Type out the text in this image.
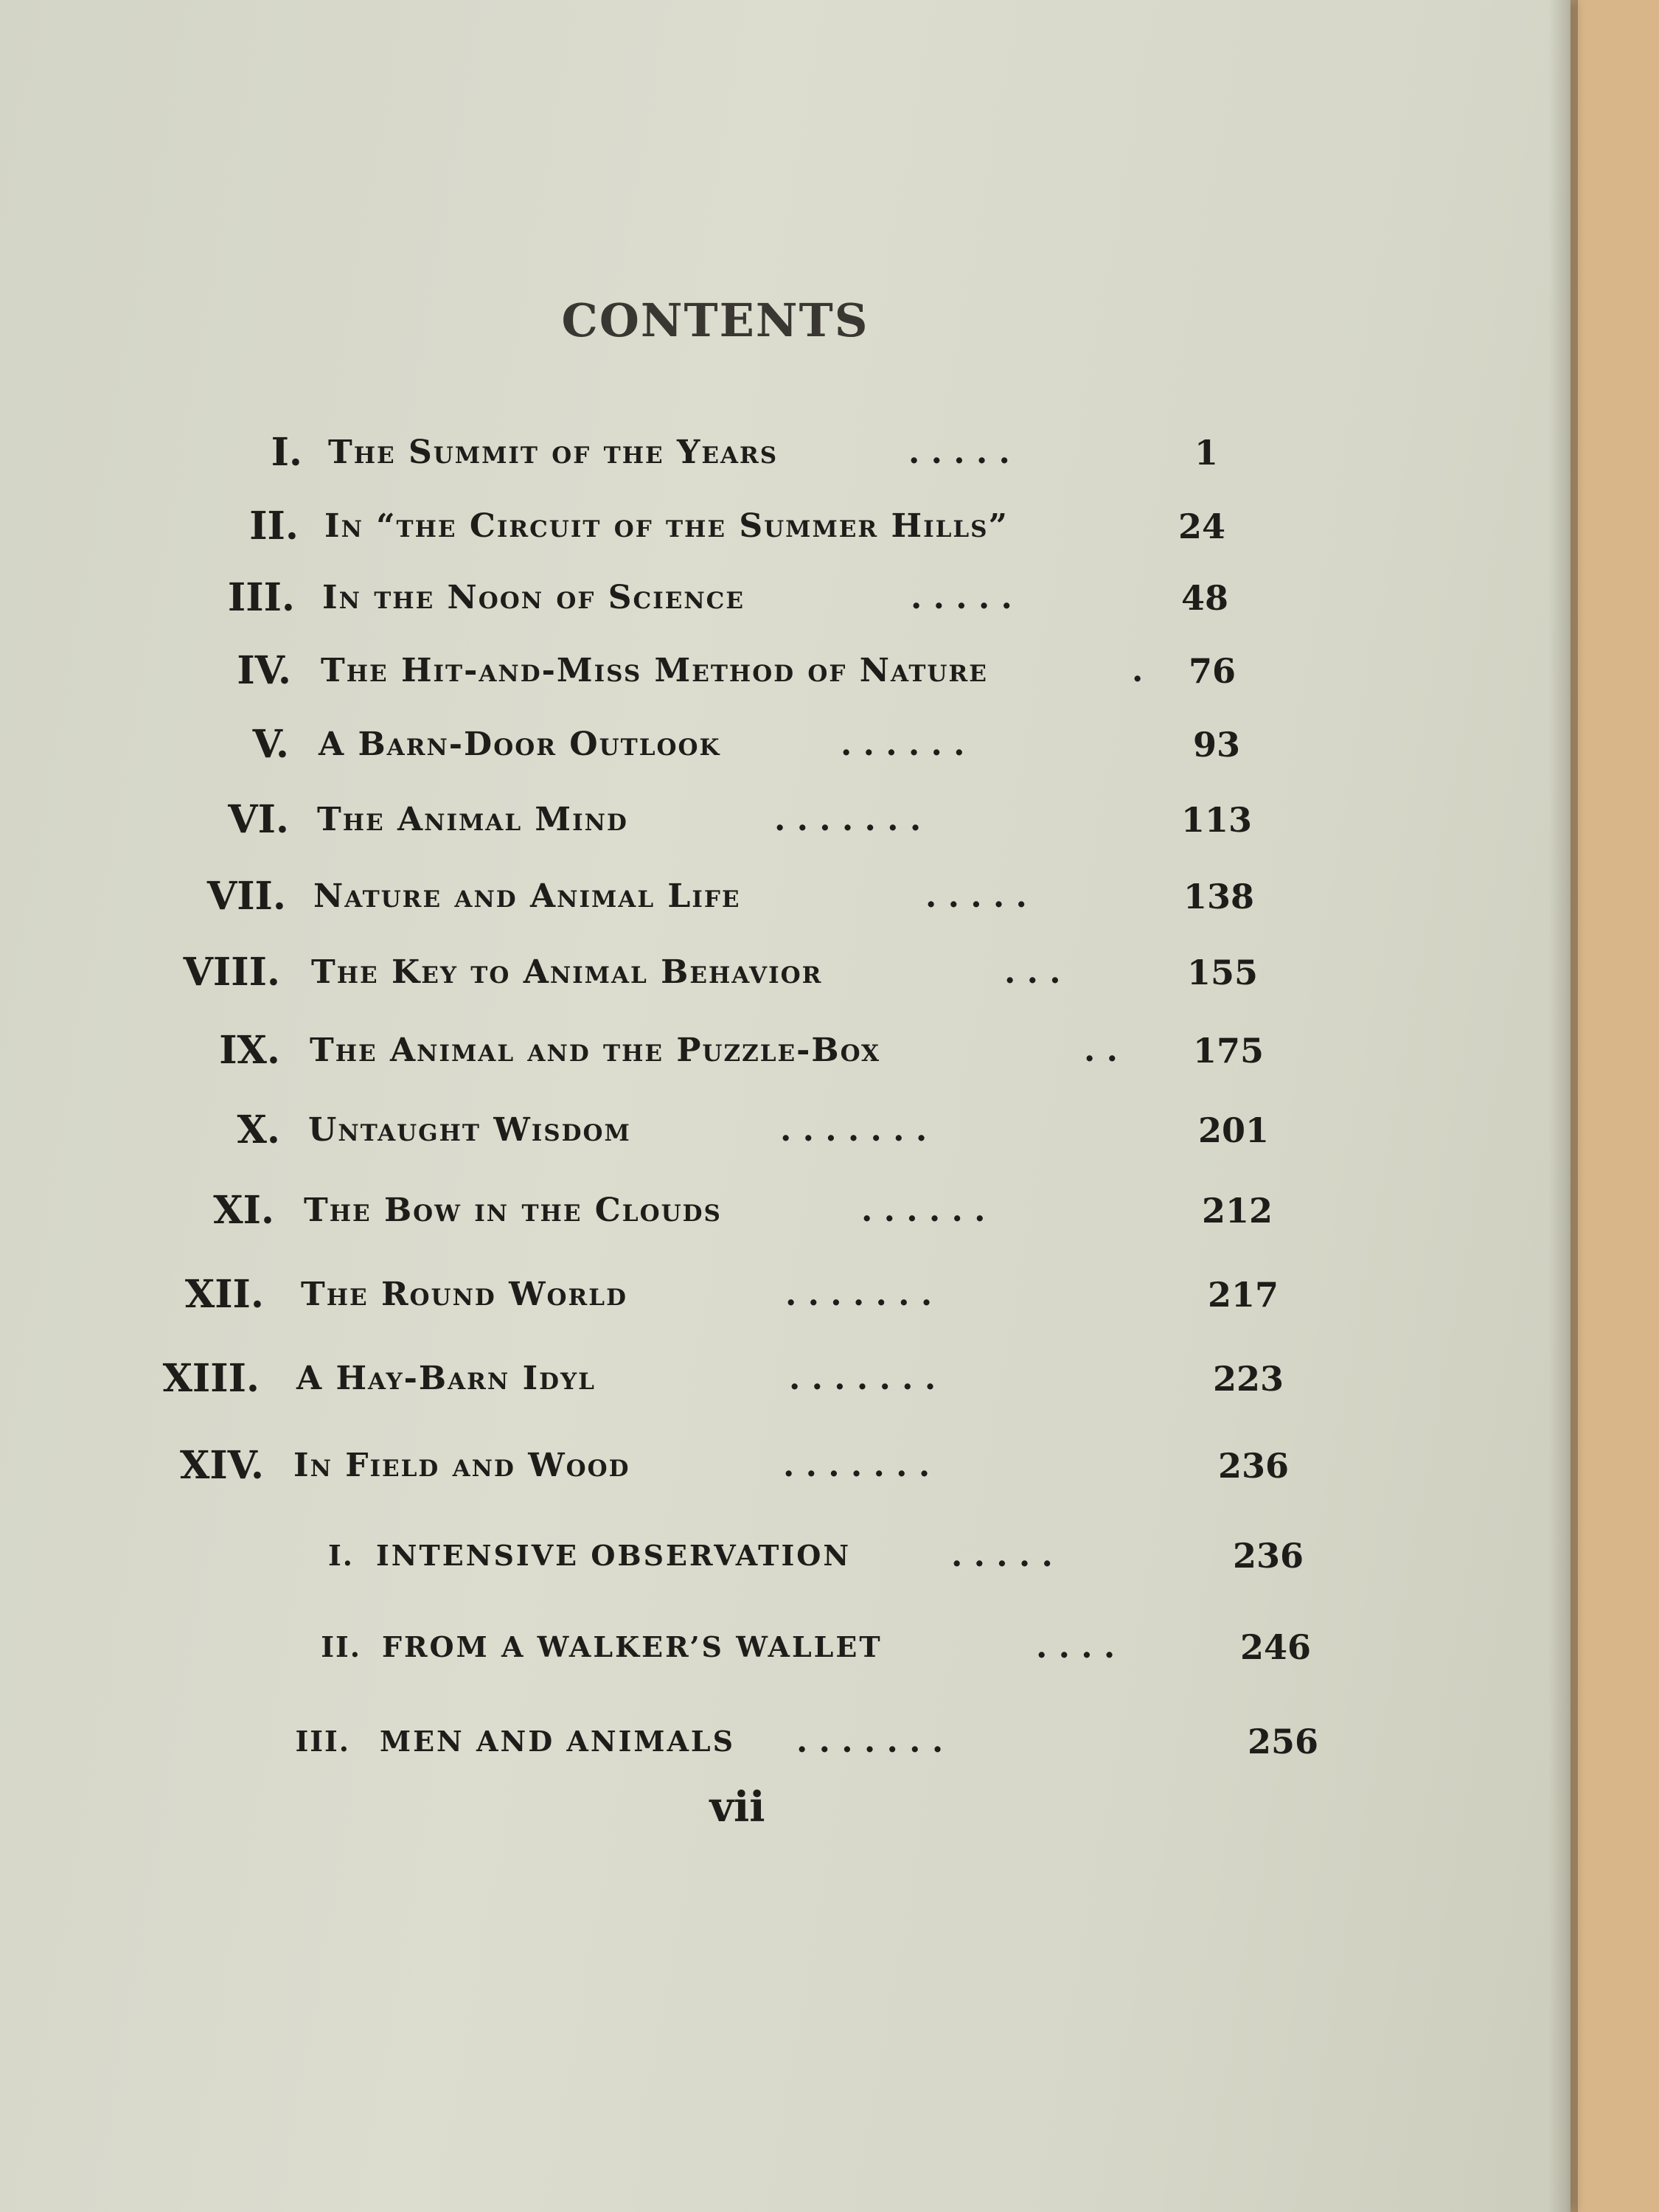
CONTENTS
I. The Summit of the Years	. . . . .	1
II. In “the Circuit of the Summer Hills”	24
III. In the Noon of Science	. . . . .	48
IV. The Hit-and-Miss Method of Nature	. 76
V. A Barn-Door Outlook	. . . . . .	93
VI. The Animal Mind	. . . . . . .	113
VII. Nature and Animal Life	. . . . .	138
VIII. The Key to Animal Behavior	. . .	155
IX. The Animal and the Puzzle-Box	. . 175
X. Untaught Wisdom	. . . . . . .	201
XI. The Bow in the Clouds	. . . . . .	212
XII. The Round World	. . . . . . .	217
XIII. A Hay-Barn Idyl	. . . . . . .	223
XIV. In Field and Wood	. . . . . . .	236
I. INTENSIVE OBSERVATION	. . . . .	236
II. FROM A WALKER’S WALLET	. . . .	246
III. MEN AND ANIMALS . . . . . . .	256
vii
